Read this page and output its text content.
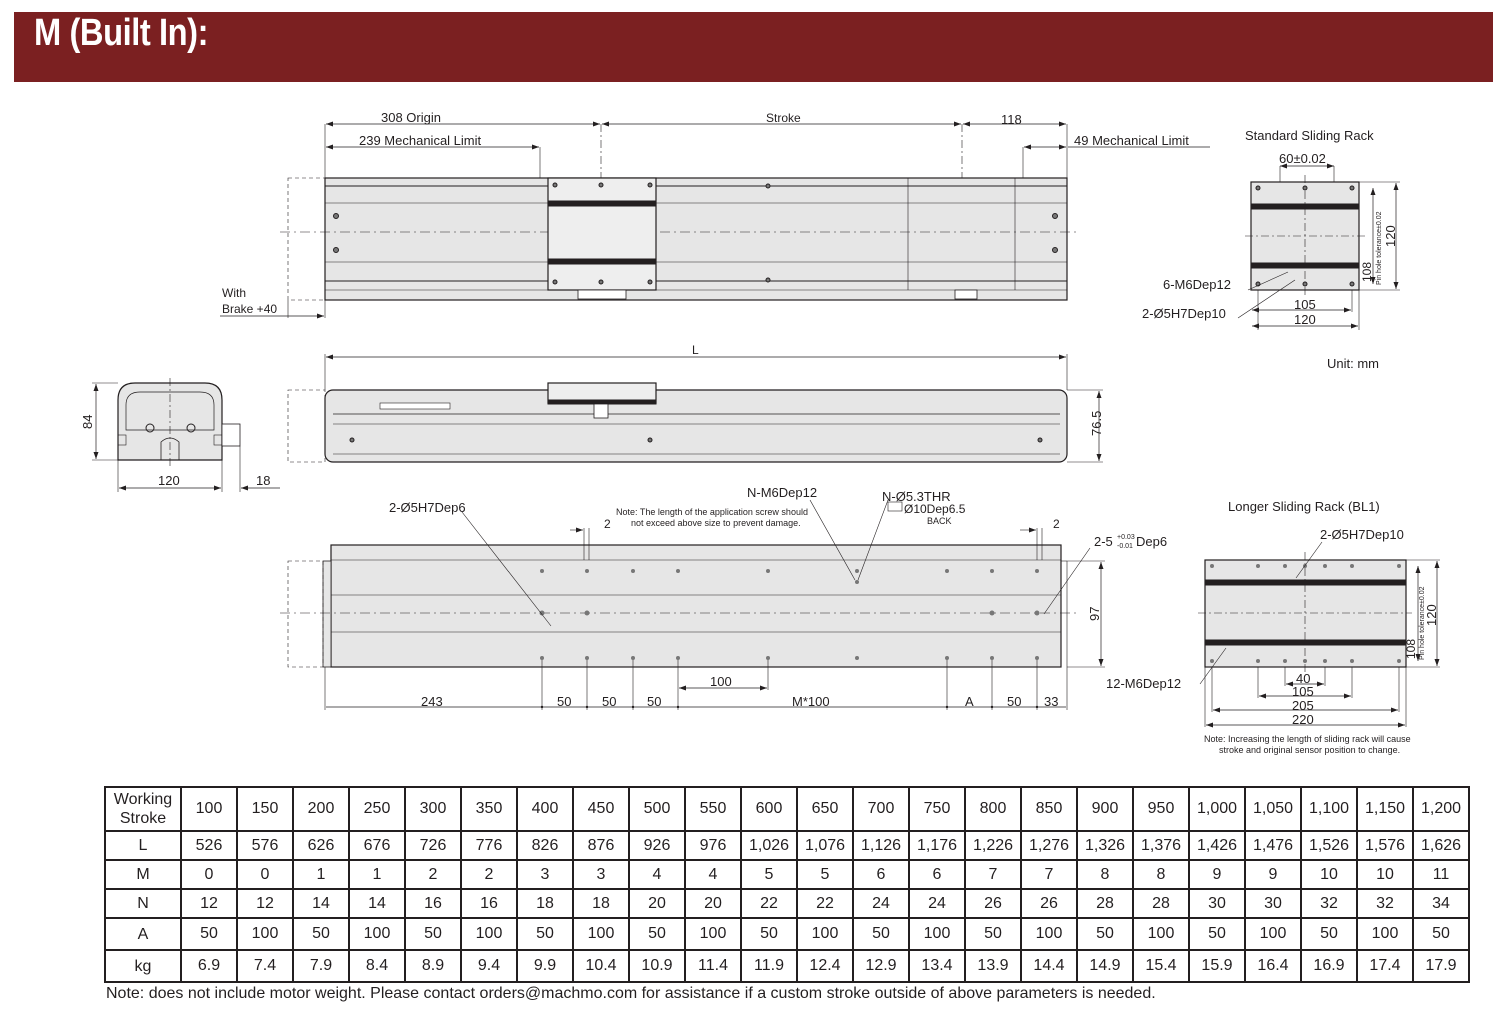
M (Built In):
308 Origin	Stroke	118
239 Mechanical Limit	49 Mechanical Limit
With
Brake +40
Standard Sliding Rack
60±0.02
6-M6Dep12
2-Ø5H7Dep10
105
120
108
120
Pin hole tolerance±0.02
Unit: mm
L
76.5
84
120	18
2-Ø5H7Dep6	Note: The length of the application screw should
not exceed above size to prevent damage.
N-M6Dep12	N-Ø5.3THR
Ø10Dep6.5
BACK
2-5 +0.03
-0.01 Dep6
2	2
100
97
243	50 50 50	M*100	A	50 33
Longer Sliding Rack (BL1)
2-Ø5H7Dep10
12-M6Dep12	40
105
205
220
108
120
Pin hole tolerance±0.02
Note: Increasing the length of sliding rack will cause
stroke and original sensor position to change.
Working
Stroke	100	150	200	250	300	350	400	450	500	550	600	650	700	750	800	850	900	950	1,000	1,050	1,100	1,150	1,200
L	526	576	626	676	726	776	826	876	926	976	1,026	1,076	1,126	1,176	1,226	1,276	1,326	1,376	1,426	1,476	1,526	1,576	1,626
M	0	0	1	1	2	2	3	3	4	4	5	5	6	6	7	7	8	8	9	9	10	10	11
N	12	12	14	14	16	16	18	18	20	20	22	22	24	24	26	26	28	28	30	30	32	32	34
A	50	100	50	100	50	100	50	100	50	100	50	100	50	100	50	100	50	100	50	100	50	100	50
kg	6.9	7.4	7.9	8.4	8.9	9.4	9.9	10.4	10.9	11.4	11.9	12.4	12.9	13.4	13.9	14.4	14.9	15.4	15.9	16.4	16.9	17.4	17.9
Note: does not include motor weight. Please contact orders@machmo.com for assistance if a custom stroke outside of above parameters is needed.
